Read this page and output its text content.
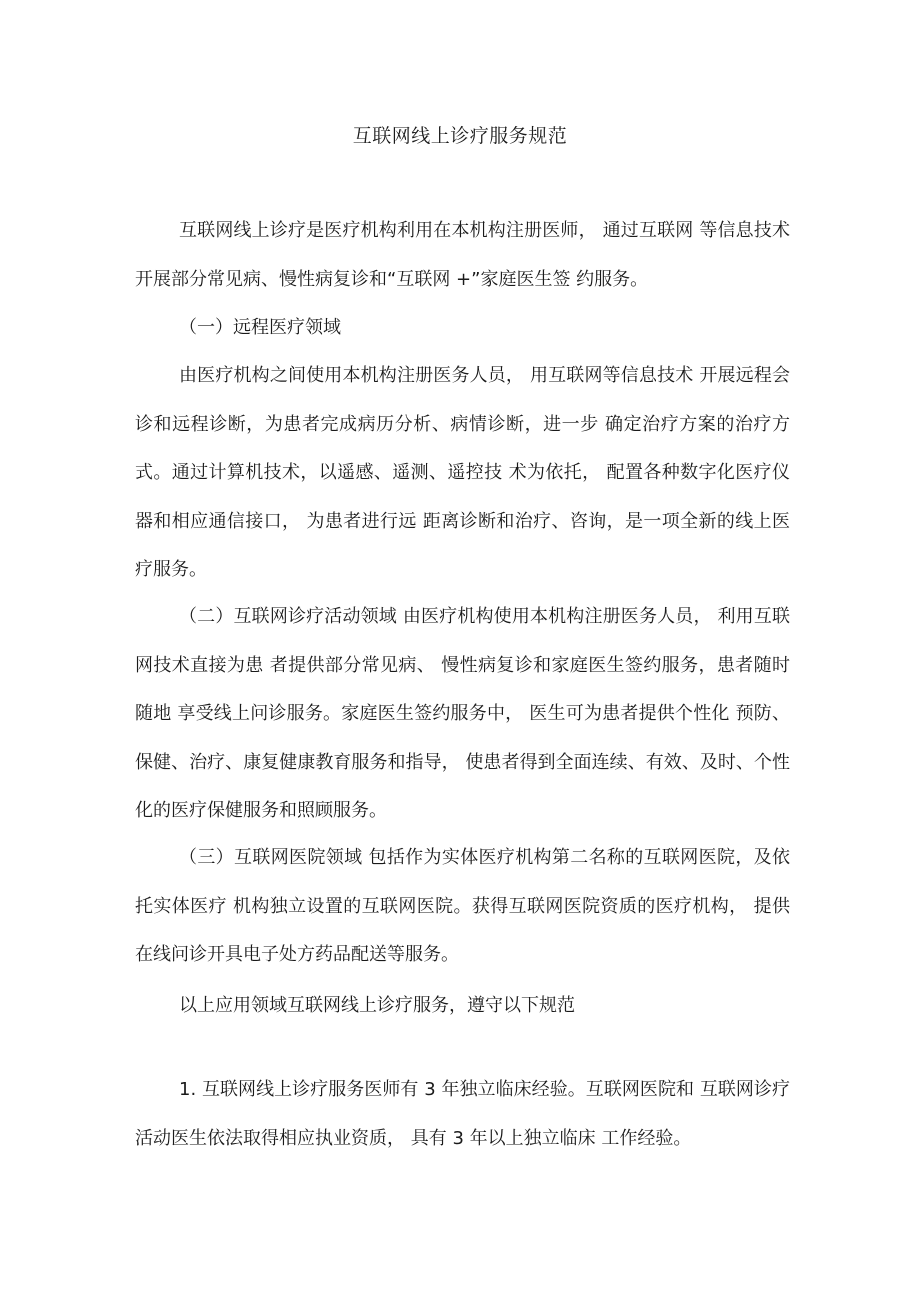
互联网线上诊疗服务规范

互联网线上诊疗是医疗机构利用在本机构注册医师， 通过互联网 等信息技术开展部分常见病、慢性病复诊和“互联网 +”家庭医生签 约服务。

（一）远程医疗领域

由医疗机构之间使用本机构注册医务人员， 用互联网等信息技术 开展远程会诊和远程诊断，为患者完成病历分析、病情诊断，进一步 确定治疗方案的治疗方式。通过计算机技术，以遥感、遥测、遥控技 术为依托， 配置各种数字化医疗仪器和相应通信接口， 为患者进行远 距离诊断和治疗、咨询，是一项全新的线上医疗服务。

（二）互联网诊疗活动领域 由医疗机构使用本机构注册医务人员， 利用互联网技术直接为患 者提供部分常见病、 慢性病复诊和家庭医生签约服务，患者随时随地 享受线上问诊服务。家庭医生签约服务中， 医生可为患者提供个性化 预防、保健、治疗、康复健康教育服务和指导， 使患者得到全面连续、有效、及时、个性化的医疗保健服务和照顾服务。

（三）互联网医院领域 包括作为实体医疗机构第二名称的互联网医院，及依托实体医疗 机构独立设置的互联网医院。获得互联网医院资质的医疗机构， 提供 在线问诊开具电子处方药品配送等服务。

以上应用领域互联网线上诊疗服务，遵守以下规范

1. 互联网线上诊疗服务医师有 3 年独立临床经验。互联网医院和 互联网诊疗活动医生依法取得相应执业资质， 具有 3 年以上独立临床 工作经验。
